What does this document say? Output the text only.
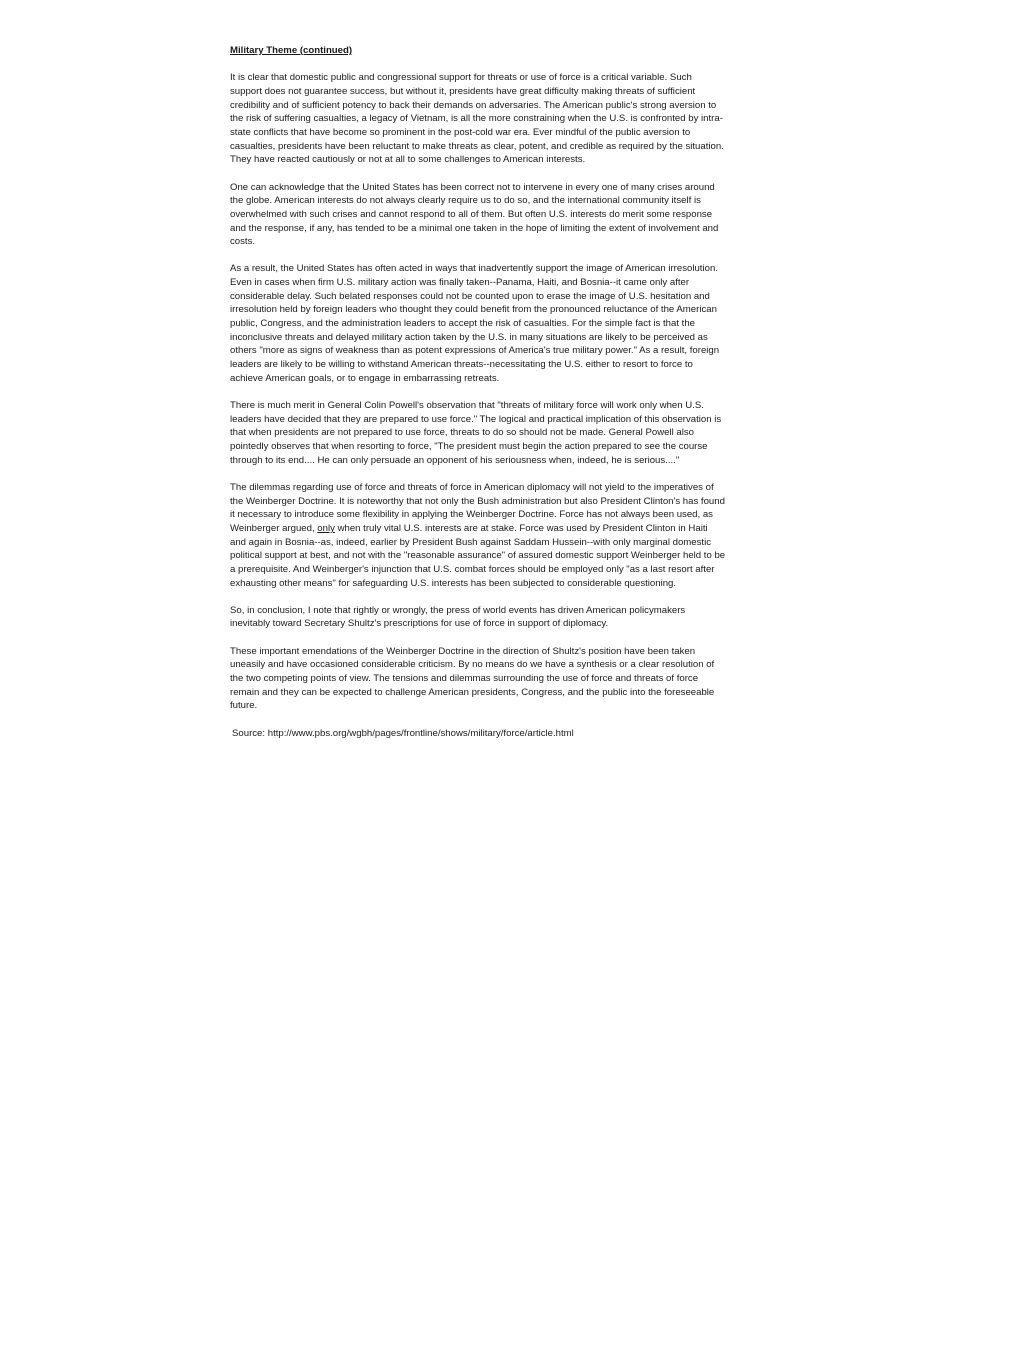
Military Theme (continued)

It is clear that domestic public and congressional support for threats or use of force is a critical variable. Such support does not guarantee success, but without it, presidents have great difficulty making threats of sufficient credibility and of sufficient potency to back their demands on adversaries. The American public's strong aversion to the risk of suffering casualties, a legacy of Vietnam, is all the more constraining when the U.S. is confronted by intra-state conflicts that have become so prominent in the post-cold war era. Ever mindful of the public aversion to casualties, presidents have been reluctant to make threats as clear, potent, and credible as required by the situation. They have reacted cautiously or not at all to some challenges to American interests.

One can acknowledge that the United States has been correct not to intervene in every one of many crises around the globe. American interests do not always clearly require us to do so, and the international community itself is overwhelmed with such crises and cannot respond to all of them. But often U.S. interests do merit some response and the response, if any, has tended to be a minimal one taken in the hope of limiting the extent of involvement and costs.

As a result, the United States has often acted in ways that inadvertently support the image of American irresolution. Even in cases when firm U.S. military action was finally taken--Panama, Haiti, and Bosnia--it came only after considerable delay. Such belated responses could not be counted upon to erase the image of U.S. hesitation and irresolution held by foreign leaders who thought they could benefit from the pronounced reluctance of the American public, Congress, and the administration leaders to accept the risk of casualties. For the simple fact is that the inconclusive threats and delayed military action taken by the U.S. in many situations are likely to be perceived as others "more as signs of weakness than as potent expressions of America's true military power." As a result, foreign leaders are likely to be willing to withstand American threats--necessitating the U.S. either to resort to force to achieve American goals, or to engage in embarrassing retreats.

There is much merit in General Colin Powell's observation that "threats of military force will work only when U.S. leaders have decided that they are prepared to use force." The logical and practical implication of this observation is that when presidents are not prepared to use force, threats to do so should not be made. General Powell also pointedly observes that when resorting to force, "The president must begin the action prepared to see the course through to its end.... He can only persuade an opponent of his seriousness when, indeed, he is serious...."

The dilemmas regarding use of force and threats of force in American diplomacy will not yield to the imperatives of the Weinberger Doctrine. It is noteworthy that not only the Bush administration but also President Clinton's has found it necessary to introduce some flexibility in applying the Weinberger Doctrine. Force has not always been used, as Weinberger argued, only when truly vital U.S. interests are at stake. Force was used by President Clinton in Haiti and again in Bosnia--as, indeed, earlier by President Bush against Saddam Hussein--with only marginal domestic political support at best, and not with the "reasonable assurance" of assured domestic support Weinberger held to be a prerequisite. And Weinberger's injunction that U.S. combat forces should be employed only "as a last resort after exhausting other means" for safeguarding U.S. interests has been subjected to considerable questioning.

So, in conclusion, I note that rightly or wrongly, the press of world events has driven American policymakers inevitably toward Secretary Shultz's prescriptions for use of force in support of diplomacy.

These important emendations of the Weinberger Doctrine in the direction of Shultz's position have been taken uneasily and have occasioned considerable criticism. By no means do we have a synthesis or a clear resolution of the two competing points of view. The tensions and dilemmas surrounding the use of force and threats of force remain and they can be expected to challenge American presidents, Congress, and the public into the foreseeable future.

Source: http://www.pbs.org/wgbh/pages/frontline/shows/military/force/article.html
